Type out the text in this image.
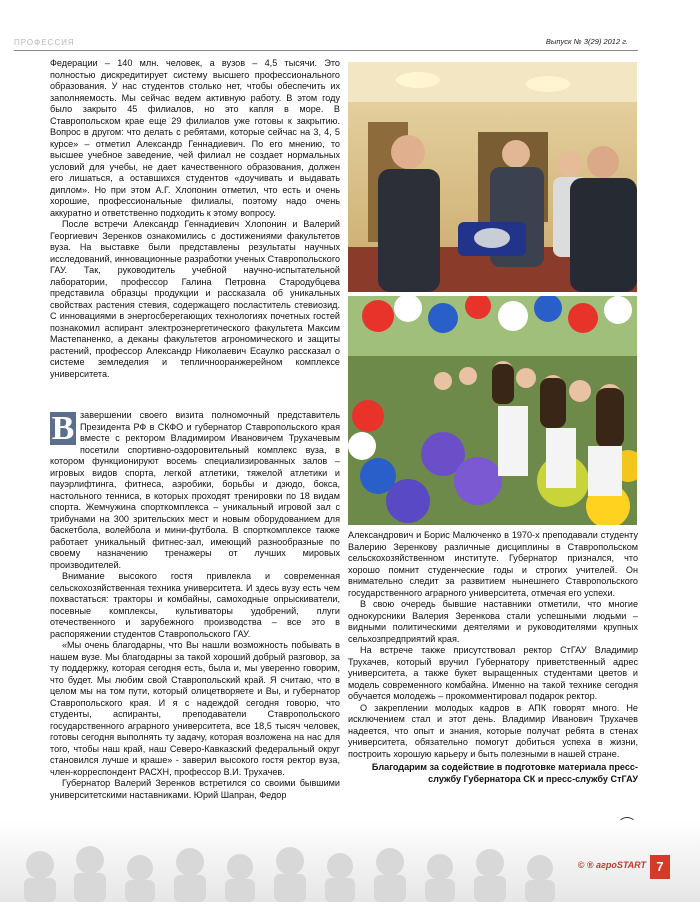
ПРОФЕССИЯ	Выпуск № 3(29) 2012 г.

Федерации – 140 млн. человек, а вузов – 4,5 тысячи. Это полностью дискредитирует систему высшего профессионального образования. У нас студентов столько нет, чтобы обеспечить их заполняемость. Мы сейчас ведем активную работу. В этом году было закрыто 45 филиалов, но это капля в море. В Ставропольском крае еще 29 филиалов уже готовы к закрытию. Вопрос в другом: что делать с ребятами, которые сейчас на 3, 4, 5 курсе» – отметил Александр Геннадиевич. По его мнению, то высшее учебное заведение, чей филиал не создает нормальных условий для учебы, не дает качественного образования, должен его лишаться, а оставшихся студентов «доучивать и выдавать диплом». Но при этом А.Г. Хлопонин отметил, что есть и очень хорошие, профессиональные филиалы, поэтому надо очень аккуратно и ответственно подходить к этому вопросу.

После встречи Александр Геннадиевич Хлопонин и Валерий Георгиевич Зеренков ознакомились с достижениями факультетов вуза. На выставке были представлены результаты научных исследований, инновационные разработки ученых Ставропольского ГАУ. Так, руководитель учебной научно-испытательной лаборатории, профессор Галина Петровна Стародубцева представила образцы продукции и рассказала об уникальных свойствах растения стевия, содержащего посластитель стевиозид. С инновациями в энергосберегающих технологиях почетных гостей познакомил аспирант электроэнергетического факультета Максим Мастепаненко, а деканы факультетов агрономического и защиты растений, профессор Александр Николаевич Есаулко рассказал о системе земледелия и тепличноoранжерейном комплексе университета.

В завершении своего визита полномочный представитель Президента РФ в СКФО и губернатор Ставропольского края вместе с ректором Владимиром Ивановичем Трухачевым посетили спортивно-оздоровительный комплекс вуза, в котором функционируют восемь специализированных залов – игровых видов спорта, легкой атлетики, тяжелой атлетики и пауэрлифтинга, фитнеса, аэробики, борьбы и дзюдо, бокса, настольного тенниса, в которых проходят тренировки по 18 видам спорта. Жемчужина спорткомплекса – уникальный игровой зал с трибунами на 300 зрительских мест и новым оборудованием для баскетбола, волейбола и мини-футбола. В спорткомплексе также работает уникальный фитнес-зал, имеющий разнообразные по своему назначению тренажеры от лучших мировых производителей.

Внимание высокого гостя привлекла и современная сельскохозяйственная техника университета. И здесь вузу есть чем похвастаться: тракторы и комбайны, самоходные опрыскиватели, посевные комплексы, культиваторы удобрений, плуги отечественного и зарубежного производства – все это в распоряжении студентов Ставропольского ГАУ.

«Мы очень благодарны, что Вы нашли возможность побывать в нашем вузе. Мы благодарны за такой хороший добрый разговор, за ту поддержку, которая сегодня есть, была и, мы уверенно говорим, что будет. Мы любим свой Ставропольский край. Я считаю, что в целом мы на том пути, который олицетворяете и Вы, и губернатор Ставропольского края. И я с надеждой сегодня говорю, что студенты, аспиранты, преподаватели Ставропольского государственного аграрного университета, все 18,5 тысяч человек, готовы сегодня выполнять ту задачу, которая возложена на нас для того, чтобы наш край, наш Северо-Кавказский федеральный округ становился лучше и краше» - заверил высокого гостя ректор вуза, член-корреспондент РАСХН, профессор В.И. Трухачев.

Губернатор Валерий Зеренков встретился со своими бывшими университетскими наставниками. Юрий Шапран, Федор

Александрович и Борис Малюченко в 1970-х преподавали студенту Валерию Зеренкову различные дисциплины в Ставропольском сельскохозяйственном институте. Губернатор признался, что хорошо помнит студенческие годы и строгих учителей. Он внимательно следит за развитием нынешнего Ставропольского государственного аграрного университета, отмечая его успехи.

В свою очередь бывшие наставники отметили, что многие однокурсники Валерия Зеренкова стали успешными людьми – видными политическими деятелями и руководителями крупных сельхозпредприятий края.

На встрече также присутствовал ректор СтГАУ Владимир Трухачев, который вручил Губернатору приветственный адрес университета, а также букет выращенных студентами цветов и модель современного комбайна. Именно на такой технике сегодня обучается молодежь – прокомментировал подарок ректор.

О закреплении молодых кадров в АПК говорят много. Не исключением стал и этот день. Владимир Иванович Трухачев надеется, что опыт и знания, которые получат ребята в стенах университета, обязательно помогут добиться успеха в жизни, построить хорошую карьеру и быть полезными в нашей стране.

Благодарим за содействие в подготовке материала пресс-службу Губернатора СК и пресс-службу СтГАУ

© ® агроSTART 7
